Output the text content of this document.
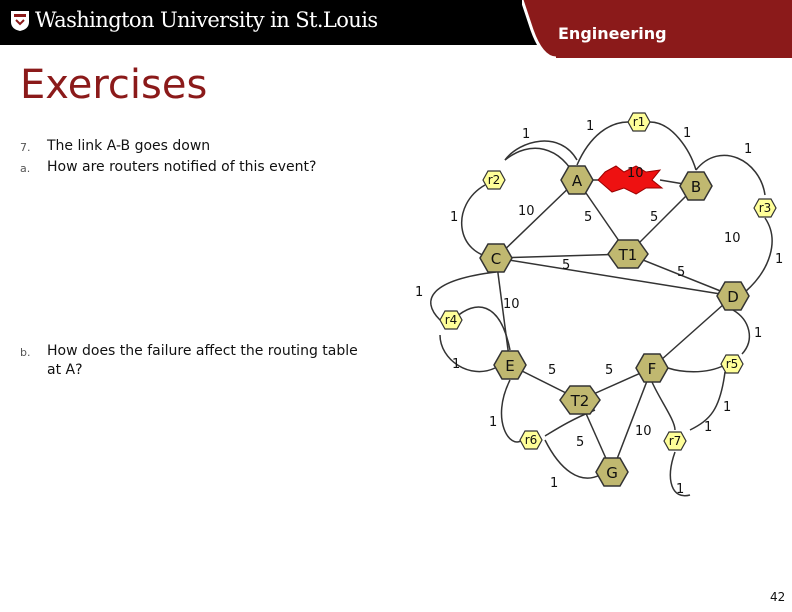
Washington University in St.Louis
Engineering
Exercises
7. The link A-B goes down
a. How are routers notified of this event?
b. How does the failure affect the routing table
at A?
A	B
C
D
E	F
G
T1
T2
r1
r2
r3
r4
r5
r6	r7
1
1	1
1
10
5	5
10
1
5	5
1
1
10
10
1
1	5	5
1
1
5
10	1
1	1
42
